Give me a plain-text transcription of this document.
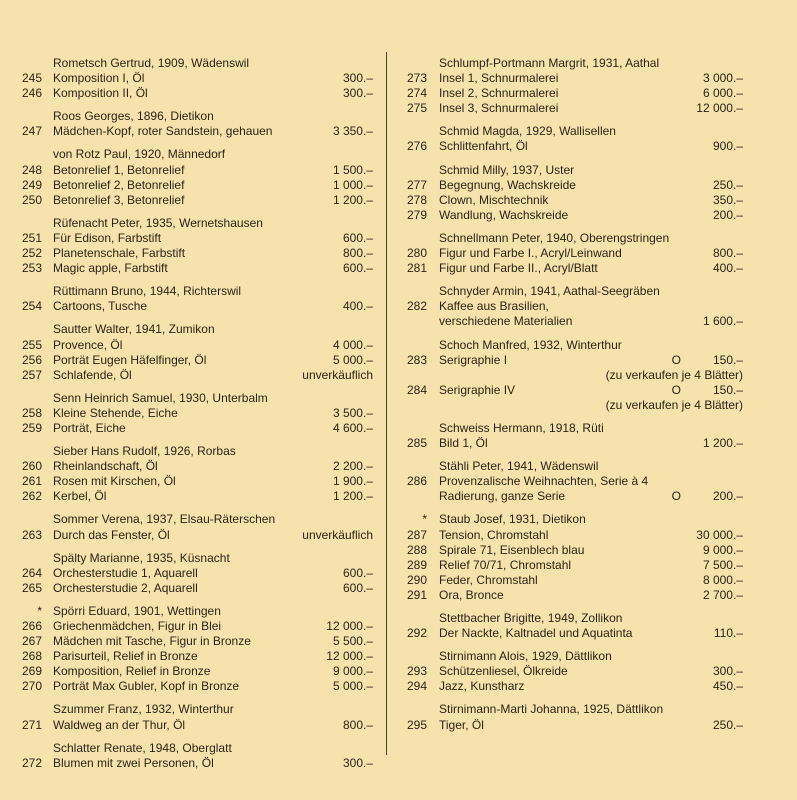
Rometsch Gertrud, 1909, Wädenswil
245 Komposition I, Öl	300.–
246 Komposition II, Öl	300.–
Roos Georges, 1896, Dietikon
247 Mädchen-Kopf, roter Sandstein, gehauen	3 350.–
von Rotz Paul, 1920, Männedorf
248 Betonrelief 1, Betonrelief	1 500.–
249 Betonrelief 2, Betonrelief	1 000.–
250 Betonrelief 3, Betonrelief	1 200.–
Rüfenacht Peter, 1935, Wernetshausen
251 Für Edison, Farbstift	600.–
252 Planetenschale, Farbstift	800.–
253 Magic apple, Farbstift	600.–
Rüttimann Bruno, 1944, Richterswil
254 Cartoons, Tusche	400.–
Sautter Walter, 1941, Zumikon
255 Provence, Öl	4 000.–
256 Porträt Eugen Häfelfinger, Öl	5 000.–
257 Schlafende, Öl	unverkäuflich
Senn Heinrich Samuel, 1930, Unterbalm
258 Kleine Stehende, Eiche	3 500.–
259 Porträt, Eiche	4 600.–
Sieber Hans Rudolf, 1926, Rorbas
260 Rheinlandschaft, Öl	2 200.–
261 Rosen mit Kirschen, Öl	1 900.–
262 Kerbel, Öl	1 200.–
Sommer Verena, 1937, Elsau-Räterschen
263 Durch das Fenster, Öl	unverkäuflich
Spälty Marianne, 1935, Küsnacht
264 Orchesterstudie 1, Aquarell	600.–
265 Orchesterstudie 2, Aquarell	600.–
* Spörri Eduard, 1901, Wettingen
266 Griechenmädchen, Figur in Blei	12 000.–
267 Mädchen mit Tasche, Figur in Bronze	5 500.–
268 Parisurteil, Relief in Bronze	12 000.–
269 Komposition, Relief in Bronze	9 000.–
270 Porträt Max Gubler, Kopf in Bronze	5 000.–
Szummer Franz, 1932, Winterthur
271 Waldweg an der Thur, Öl	800.–
Schlatter Renate, 1948, Oberglatt
272 Blumen mit zwei Personen, Öl	300.–
Schlumpf-Portmann Margrit, 1931, Aathal
273 Insel 1, Schnurmalerei	3 000.–
274 Insel 2, Schnurmalerei	6 000.–
275 Insel 3, Schnurmalerei	12 000.–
Schmid Magda, 1929, Wallisellen
276 Schlittenfahrt, Öl	900.–
Schmid Milly, 1937, Uster
277 Begegnung, Wachskreide	250.–
278 Clown, Mischtechnik	350.–
279 Wandlung, Wachskreide	200.–
Schnellmann Peter, 1940, Oberengstringen
280 Figur und Farbe I., Acryl/Leinwand	800.–
281 Figur und Farbe II., Acryl/Blatt	400.–
Schnyder Armin, 1941, Aathal-Seegräben
282 Kaffee aus Brasilien,
verschiedene Materialien	1 600.–
Schoch Manfred, 1932, Winterthur
283 Serigraphie I	O	150.–
(zu verkaufen je 4 Blätter)
284 Serigraphie IV	O	150.–
(zu verkaufen je 4 Blätter)
Schweiss Hermann, 1918, Rüti
285 Bild 1, Öl	1 200.–
Stähli Peter, 1941, Wädenswil
286 Provenzalische Weihnachten, Serie à 4
Radierung, ganze Serie	O	200.–
* Staub Josef, 1931, Dietikon
287 Tension, Chromstahl	30 000.–
288 Spirale 71, Eisenblech blau	9 000.–
289 Relief 70/71, Chromstahl	7 500.–
290 Feder, Chromstahl	8 000.–
291 Ora, Bronce	2 700.–
Stettbacher Brigitte, 1949, Zollikon
292 Der Nackte, Kaltnadel und Aquatinta	110.–
Stirnimann Alois, 1929, Dättlikon
293 Schützenliesel, Ölkreide	300.–
294 Jazz, Kunstharz	450.–
Stirnimann-Marti Johanna, 1925, Dättlikon
295 Tiger, Öl	250.–
